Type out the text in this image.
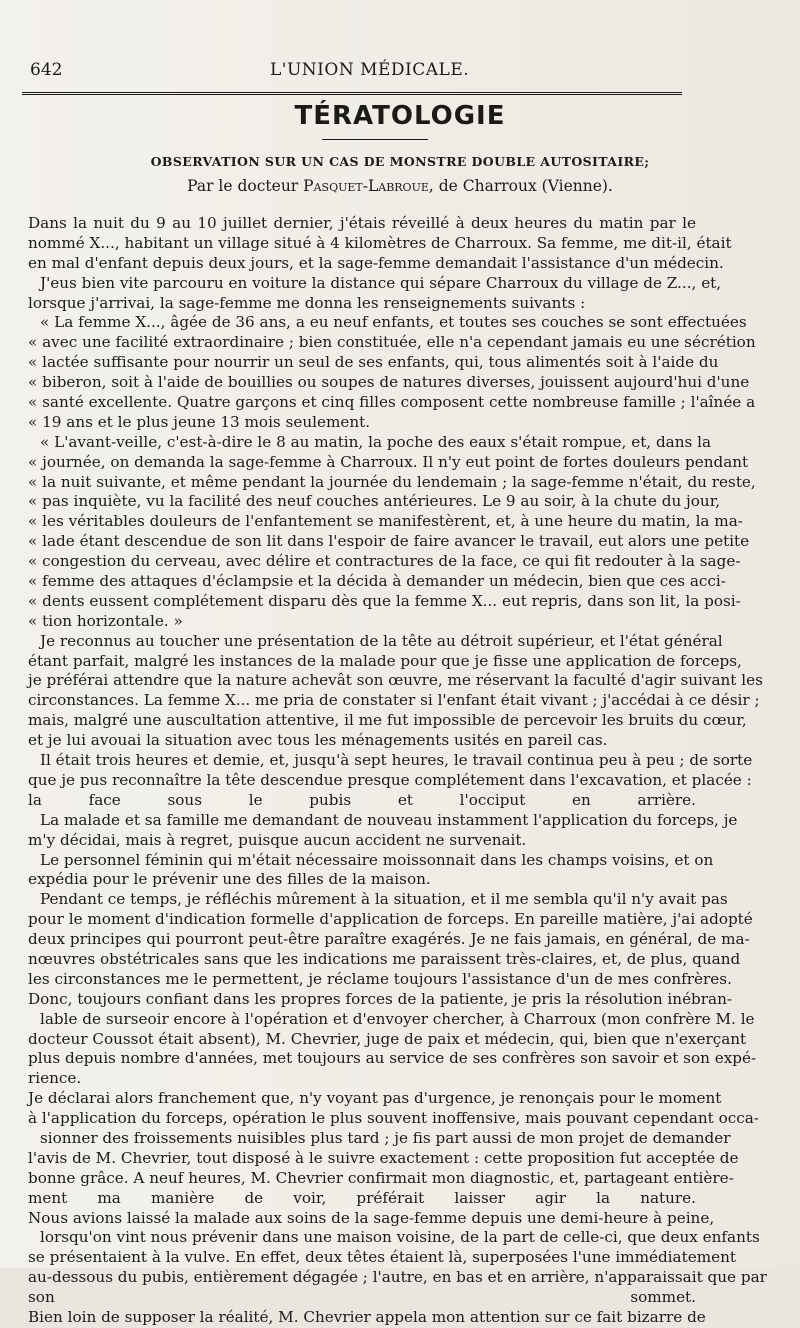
642	L'UNION MÉDICALE.
TÉRATOLOGIE
OBSERVATION SUR UN CAS DE MONSTRE DOUBLE AUTOSITAIRE;
Par le docteur Pasquet-Labroue, de Charroux (Vienne).
Dans la nuit du 9 au 10 juillet dernier, j'étais réveillé à deux heures du matin par le
nommé X..., habitant un village situé à 4 kilomètres de Charroux. Sa femme, me dit-il, était
en mal d'enfant depuis deux jours, et la sage-femme demandait l'assistance d'un médecin.
J'eus bien vite parcouru en voiture la distance qui sépare Charroux du village de Z..., et,
lorsque j'arrivai, la sage-femme me donna les renseignements suivants :
« La femme X..., âgée de 36 ans, a eu neuf enfants, et toutes ses couches se sont effectuées
« avec une facilité extraordinaire ; bien constituée, elle n'a cependant jamais eu une sécrétion
« lactée suffisante pour nourrir un seul de ses enfants, qui, tous alimentés soit à l'aide du
« biberon, soit à l'aide de bouillies ou soupes de natures diverses, jouissent aujourd'hui d'une
« santé excellente. Quatre garçons et cinq filles composent cette nombreuse famille ; l'aînée a
« 19 ans et le plus jeune 13 mois seulement.
« L'avant-veille, c'est-à-dire le 8 au matin, la poche des eaux s'était rompue, et, dans la
« journée, on demanda la sage-femme à Charroux. Il n'y eut point de fortes douleurs pendant
« la nuit suivante, et même pendant la journée du lendemain ; la sage-femme n'était, du reste,
« pas inquiète, vu la facilité des neuf couches antérieures. Le 9 au soir, à la chute du jour,
« les véritables douleurs de l'enfantement se manifestèrent, et, à une heure du matin, la ma-
« lade étant descendue de son lit dans l'espoir de faire avancer le travail, eut alors une petite
« congestion du cerveau, avec délire et contractures de la face, ce qui fit redouter à la sage-
« femme des attaques d'éclampsie et la décida à demander un médecin, bien que ces acci-
« dents eussent complétement disparu dès que la femme X... eut repris, dans son lit, la posi-
« tion horizontale. »
Je reconnus au toucher une présentation de la tête au détroit supérieur, et l'état général
étant parfait, malgré les instances de la malade pour que je fisse une application de forceps,
je préférai attendre que la nature achevât son œuvre, me réservant la faculté d'agir suivant les
circonstances. La femme X... me pria de constater si l'enfant était vivant ; j'accédai à ce désir ;
mais, malgré une auscultation attentive, il me fut impossible de percevoir les bruits du cœur,
et je lui avouai la situation avec tous les ménagements usités en pareil cas.
Il était trois heures et demie, et, jusqu'à sept heures, le travail continua peu à peu ; de sorte
que je pus reconnaître la tête descendue presque complétement dans l'excavation, et placée :
la face sous le pubis et l'occiput en arrière.
La malade et sa famille me demandant de nouveau instamment l'application du forceps, je
m'y décidai, mais à regret, puisque aucun accident ne survenait.
Le personnel féminin qui m'était nécessaire moissonnait dans les champs voisins, et on
expédia pour le prévenir une des filles de la maison.
Pendant ce temps, je réfléchis mûrement à la situation, et il me sembla qu'il n'y avait pas
pour le moment d'indication formelle d'application de forceps. En pareille matière, j'ai adopté
deux principes qui pourront peut-être paraître exagérés. Je ne fais jamais, en général, de ma-
nœuvres obstétricales sans que les indications me paraissent très-claires, et, de plus, quand
les circonstances me le permettent, je réclame toujours l'assistance d'un de mes confrères.
Donc, toujours confiant dans les propres forces de la patiente, je pris la résolution inébran-
lable de surseoir encore à l'opération et d'envoyer chercher, à Charroux (mon confrère M. le
docteur Coussot était absent), M. Chevrier, juge de paix et médecin, qui, bien que n'exerçant
plus depuis nombre d'années, met toujours au service de ses confrères son savoir et son expé-
rience.
Je déclarai alors franchement que, n'y voyant pas d'urgence, je renonçais pour le moment
à l'application du forceps, opération le plus souvent inoffensive, mais pouvant cependant occa-
sionner des froissements nuisibles plus tard ; je fis part aussi de mon projet de demander
l'avis de M. Chevrier, tout disposé à le suivre exactement : cette proposition fut acceptée de
bonne grâce. A neuf heures, M. Chevrier confirmait mon diagnostic, et, partageant entière-
ment ma manière de voir, préférait laisser agir la nature.
Nous avions laissé la malade aux soins de la sage-femme depuis une demi-heure à peine,
lorsqu'on vint nous prévenir dans une maison voisine, de la part de celle-ci, que deux enfants
se présentaient à la vulve. En effet, deux têtes étaient là, superposées l'une immédiatement
au-dessous du pubis, entièrement dégagée ; l'autre, en bas et en arrière, n'apparaissait que par
son sommet.
Bien loin de supposer la réalité, M. Chevrier appela mon attention sur ce fait bizarre de
